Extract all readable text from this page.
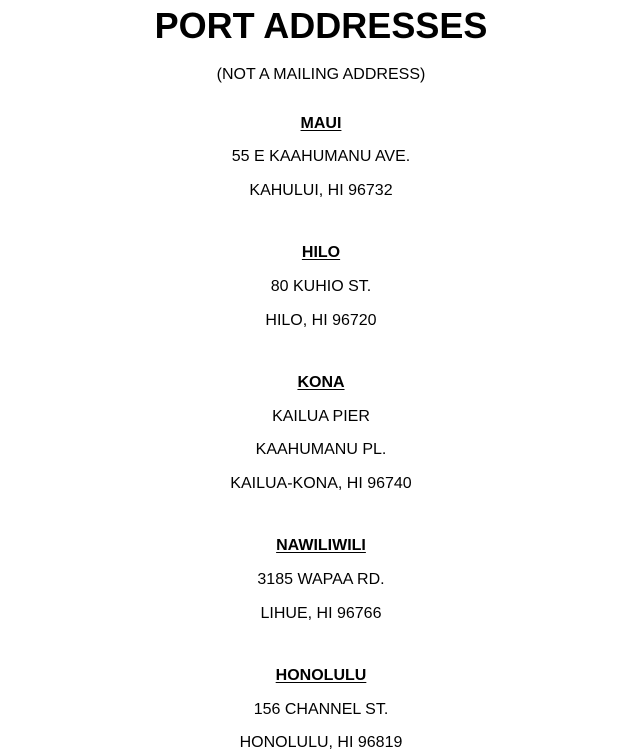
PORT ADDRESSES
(NOT A MAILING ADDRESS)
MAUI
55 E KAAHUMANU AVE.
KAHULUI, HI 96732
HILO
80 KUHIO ST.
HILO, HI 96720
KONA
KAILUA PIER
KAAHUMANU PL.
KAILUA-KONA, HI 96740
NAWILIWILI
3185 WAPAA RD.
LIHUE, HI 96766
HONOLULU
156 CHANNEL ST.
HONOLULU, HI 96819
